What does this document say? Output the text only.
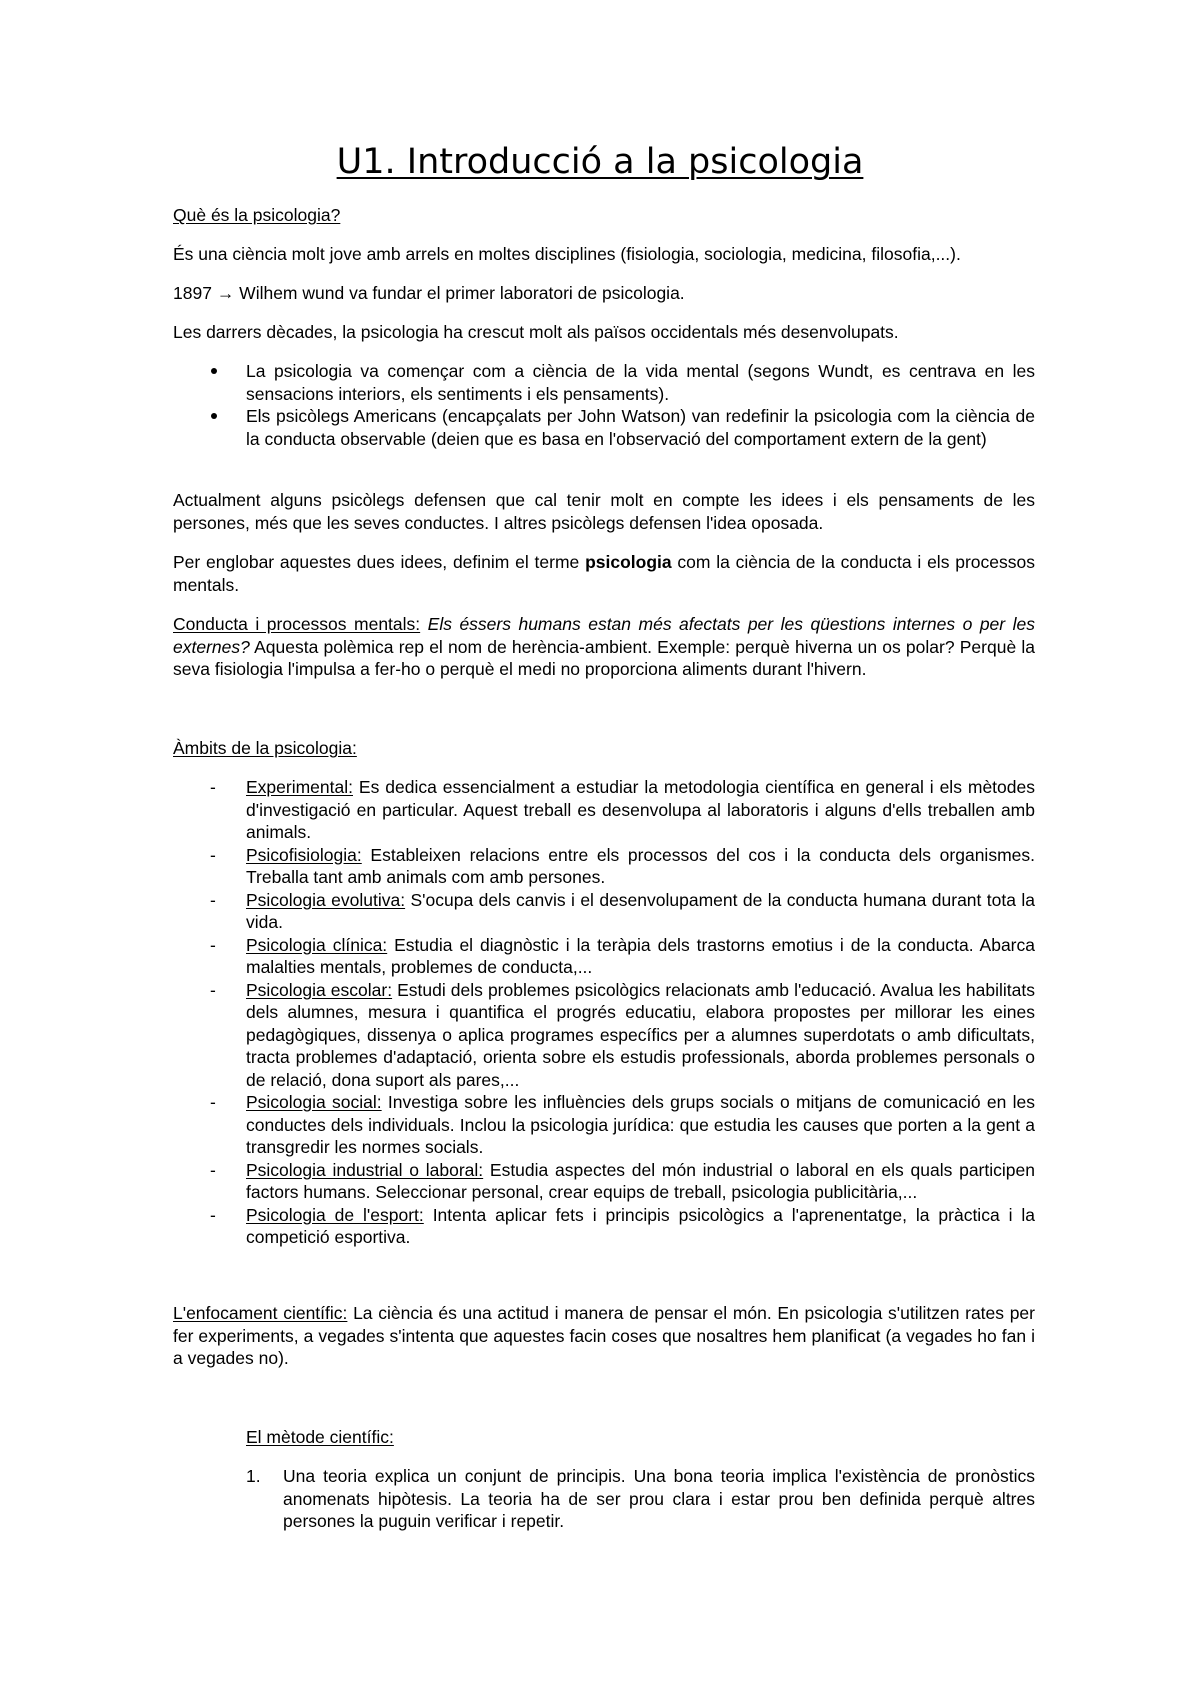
U1. Introducció a la psicologia
Què és la psicologia?
És una ciència molt jove amb arrels en moltes disciplines (fisiologia, sociologia, medicina, filosofia,...).
1897 → Wilhem wund va fundar el primer laboratori de psicologia.
Les darrers dècades, la psicologia ha crescut molt als països occidentals més desenvolupats.
La psicologia va començar com a ciència de la vida mental (segons Wundt, es centrava en les sensacions interiors, els sentiments i els pensaments).
Els psicòlegs Americans (encapçalats per John Watson) van redefinir la psicologia com la ciència de la conducta observable (deien que es basa en l'observació del comportament extern de la gent)
Actualment alguns psicòlegs defensen que cal tenir molt en compte les idees i els pensaments de les persones, més que les seves conductes. I altres psicòlegs defensen l'idea oposada.
Per englobar aquestes dues idees, definim el terme psicologia com la ciència de la conducta i els processos mentals.
Conducta i processos mentals: Els éssers humans estan més afectats per les qüestions internes o per les externes? Aquesta polèmica rep el nom de herència-ambient. Exemple: perquè hiverna un os polar? Perquè la seva fisiologia l'impulsa a fer-ho o perquè el medi no proporciona aliments durant l'hivern.
Àmbits de la psicologia:
-	Experimental: Es dedica essencialment a estudiar la metodologia científica en general i els mètodes d'investigació en particular. Aquest treball es desenvolupa al laboratoris i alguns d'ells treballen amb animals.
-	Psicofisiologia: Estableixen relacions entre els processos del cos i la conducta dels organismes. Treballa tant amb animals com amb persones.
-	Psicologia evolutiva: S'ocupa dels canvis i el desenvolupament de la conducta humana durant tota la vida.
-	Psicologia clínica: Estudia el diagnòstic i la teràpia dels trastorns emotius i de la conducta. Abarca malalties mentals, problemes de conducta,...
-	Psicologia escolar: Estudi dels problemes psicològics relacionats amb l'educació. Avalua les habilitats dels alumnes, mesura i quantifica el progrés educatiu, elabora propostes per millorar les eines pedagògiques, dissenya o aplica programes específics per a alumnes superdotats o amb dificultats, tracta problemes d'adaptació, orienta sobre els estudis professionals, aborda problemes personals o de relació, dona suport als pares,...
-	Psicologia social: Investiga sobre les influències dels grups socials o mitjans de comunicació en les conductes dels individuals. Inclou la psicologia jurídica: que estudia les causes que porten a la gent a transgredir les normes socials.
-	Psicologia industrial o laboral: Estudia aspectes del món industrial o laboral en els quals participen factors humans. Seleccionar personal, crear equips de treball, psicologia publicitària,...
-	Psicologia de l'esport: Intenta aplicar fets i principis psicològics a l'aprenentatge, la pràctica i la competició esportiva.
L'enfocament científic: La ciència és una actitud i manera de pensar el món. En psicologia s'utilitzen rates per fer experiments, a vegades s'intenta que aquestes facin coses que nosaltres hem planificat (a vegades ho fan i a vegades no).
El mètode científic:
1.	Una teoria explica un conjunt de principis. Una bona teoria implica l'existència de pronòstics anomenats hipòtesis. La teoria ha de ser prou clara i estar prou ben definida perquè altres persones la puguin verificar i repetir.
